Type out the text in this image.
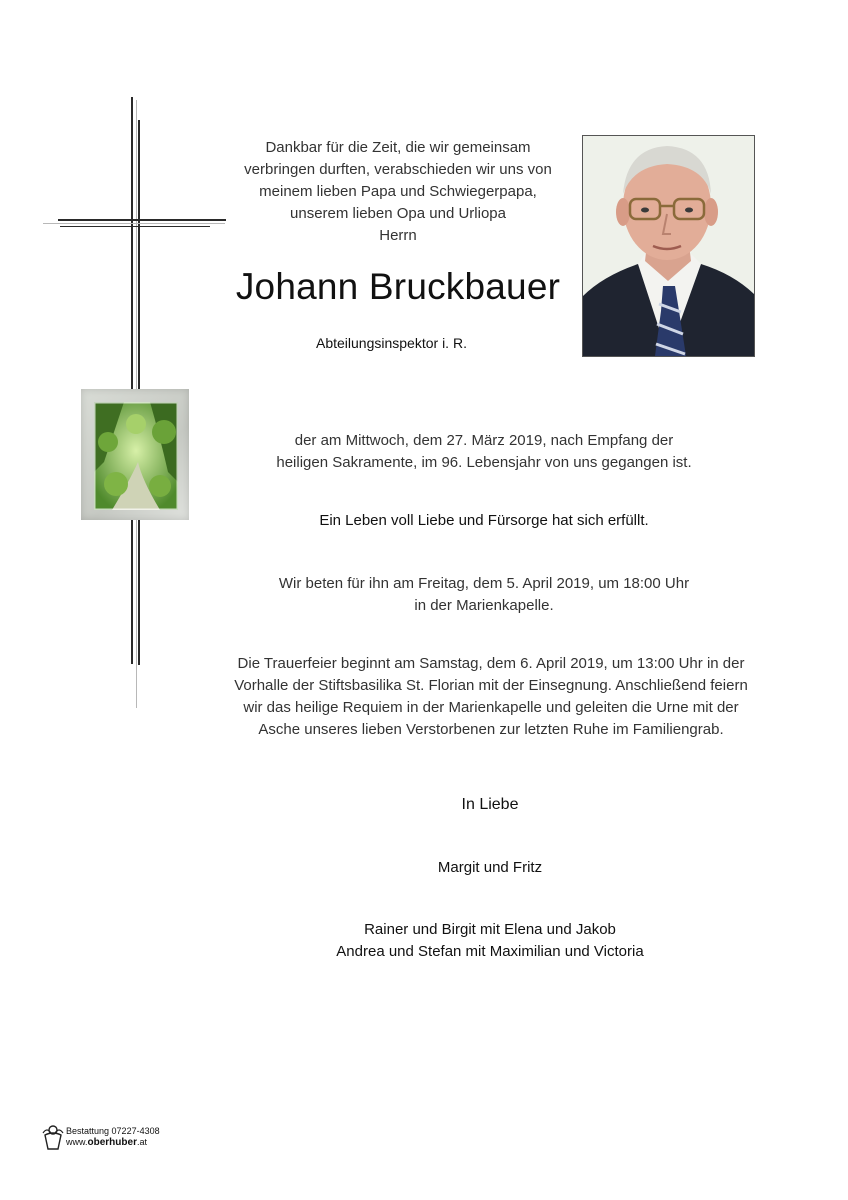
Dankbar für die Zeit, die wir gemeinsam
verbringen durften, verabschieden wir uns von
meinem lieben Papa und Schwiegerpapa,
unserem lieben Opa und Urliopa
Herrn
Johann Bruckbauer
Abteilungsinspektor i. R.
der am Mittwoch, dem 27. März 2019, nach Empfang der
heiligen Sakramente, im 96. Lebensjahr von uns gegangen ist.
Ein Leben voll Liebe und Fürsorge hat sich erfüllt.
Wir beten für ihn am Freitag, dem 5. April 2019, um 18:00 Uhr
in der Marienkapelle.
Die Trauerfeier beginnt am Samstag, dem 6. April 2019, um 13:00 Uhr in der
Vorhalle der Stiftsbasilika St. Florian mit der Einsegnung. Anschließend feiern
wir das heilige Requiem in der Marienkapelle und geleiten die Urne mit der
Asche unseres lieben Verstorbenen zur letzten Ruhe im Familiengrab.
In Liebe
Margit und Fritz
Rainer und Birgit mit Elena und Jakob
Andrea und Stefan mit Maximilian und Victoria
Bestattung 07227-4308
www.oberhuber.at
